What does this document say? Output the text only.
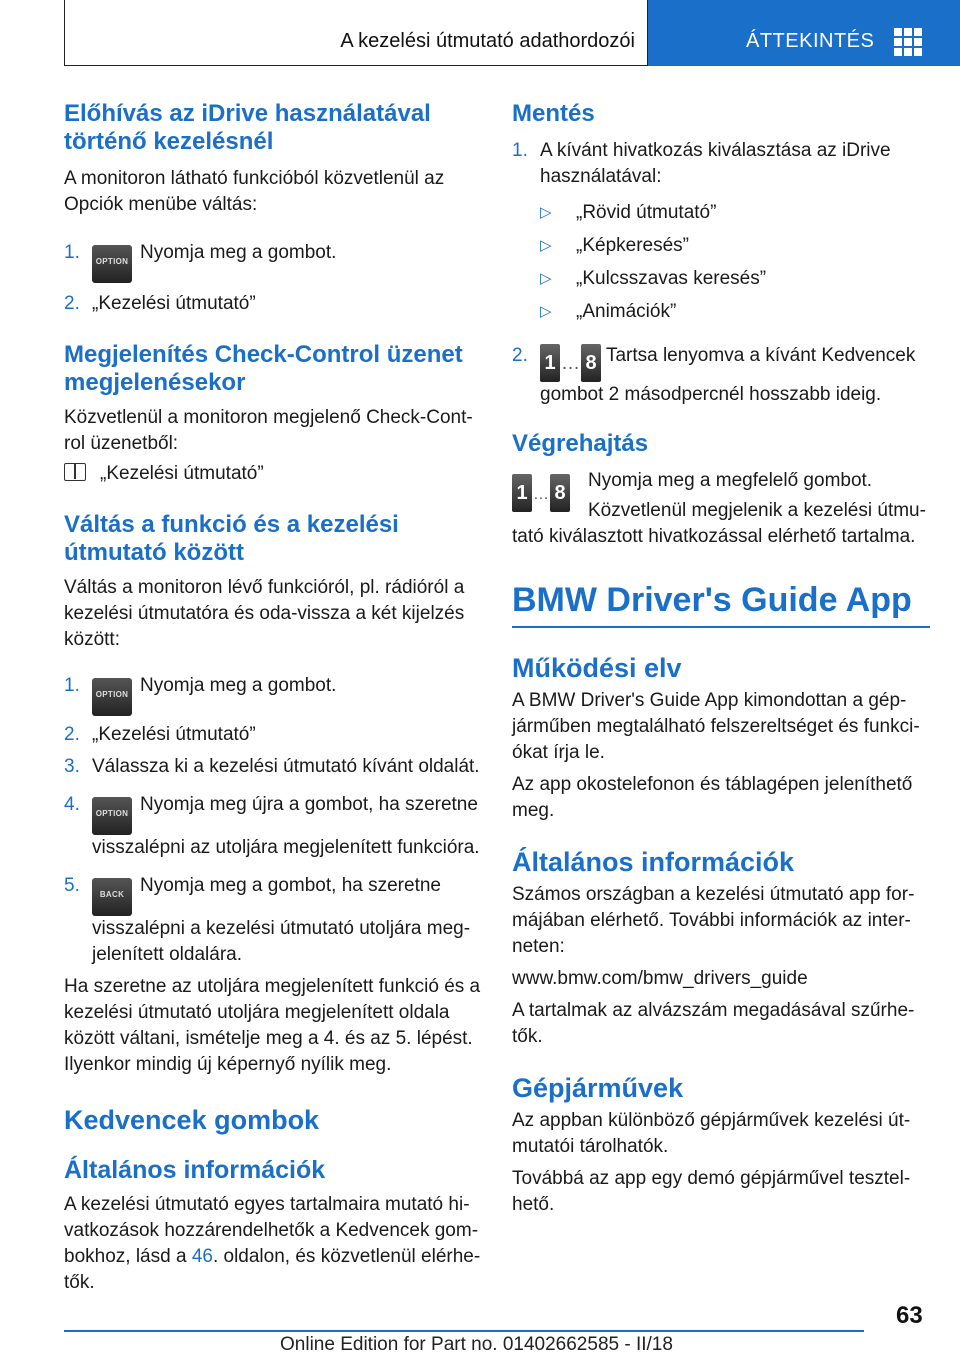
A kezelési útmutató adathordozói	ÁTTEKINTÉS
Előhívás az iDrive használatával történő kezelésnél
A monitoron látható funkcióból közvetlenül az Opciók menübe váltás:
1. OPTION Nyomja meg a gombot.
2. „Kezelési útmutató”
Megjelenítés Check-Control üzenet megjelenésekor
Közvetlenül a monitoron megjelenő Check-Control üzenetből:
„Kezelési útmutató”
Váltás a funkció és a kezelési útmutató között
Váltás a monitoron lévő funkcióról, pl. rádióról a kezelési útmutatóra és oda-vissza a két kijelzés között:
1. OPTION Nyomja meg a gombot.
2. „Kezelési útmutató”
3. Válassza ki a kezelési útmutató kívánt oldalát.
4. OPTION Nyomja meg újra a gombot, ha szeretne visszalépni az utoljára megjelenített funkcióra.
5. BACK Nyomja meg a gombot, ha szeretne visszalépni a kezelési útmutató utoljára megjelenített oldalára.
Ha szeretne az utoljára megjelenített funkció és a kezelési útmutató utoljára megjelenített oldala között váltani, ismételje meg a 4. és az 5. lépést. Ilyenkor mindig új képernyő nyílik meg.
Kedvencek gombok
Általános információk
A kezelési útmutató egyes tartalmaira mutató hivatkozások hozzárendelhetők a Kedvencek gombokhoz, lásd a 46. oldalon, és közvetlenül elérhetők.
Mentés
1. A kívánt hivatkozás kiválasztása az iDrive használatával:
▷ „Rövid útmutató”
▷ „Képkeresés”
▷ „Kulcsszavas keresés”
▷ „Animációk”
2. 1 … 8 Tartsa lenyomva a kívánt Kedvencek gombot 2 másodpercnél hosszabb ideig.
Végrehajtás
1 … 8
Nyomja meg a megfelelő gombot.
Közvetlenül megjelenik a kezelési útmutató kiválasztott hivatkozással elérhető tartalma.
BMW Driver's Guide App
Működési elv
A BMW Driver's Guide App kimondottan a gépjárműben megtalálható felszereltséget és funkciókat írja le.
Az app okostelefonon és táblagépen jeleníthető meg.
Általános információk
Számos országban a kezelési útmutató app formájában elérhető. További információk az interneten:
www.bmw.com/bmw_drivers_guide
A tartalmak az alvázszám megadásával szűrhetők.
Gépjárművek
Az appban különböző gépjárművek kezelési útmutatói tárolhatók.
Továbbá az app egy demó gépjárművel tesztelhető.
63
Online Edition for Part no. 01402662585 - II/18
